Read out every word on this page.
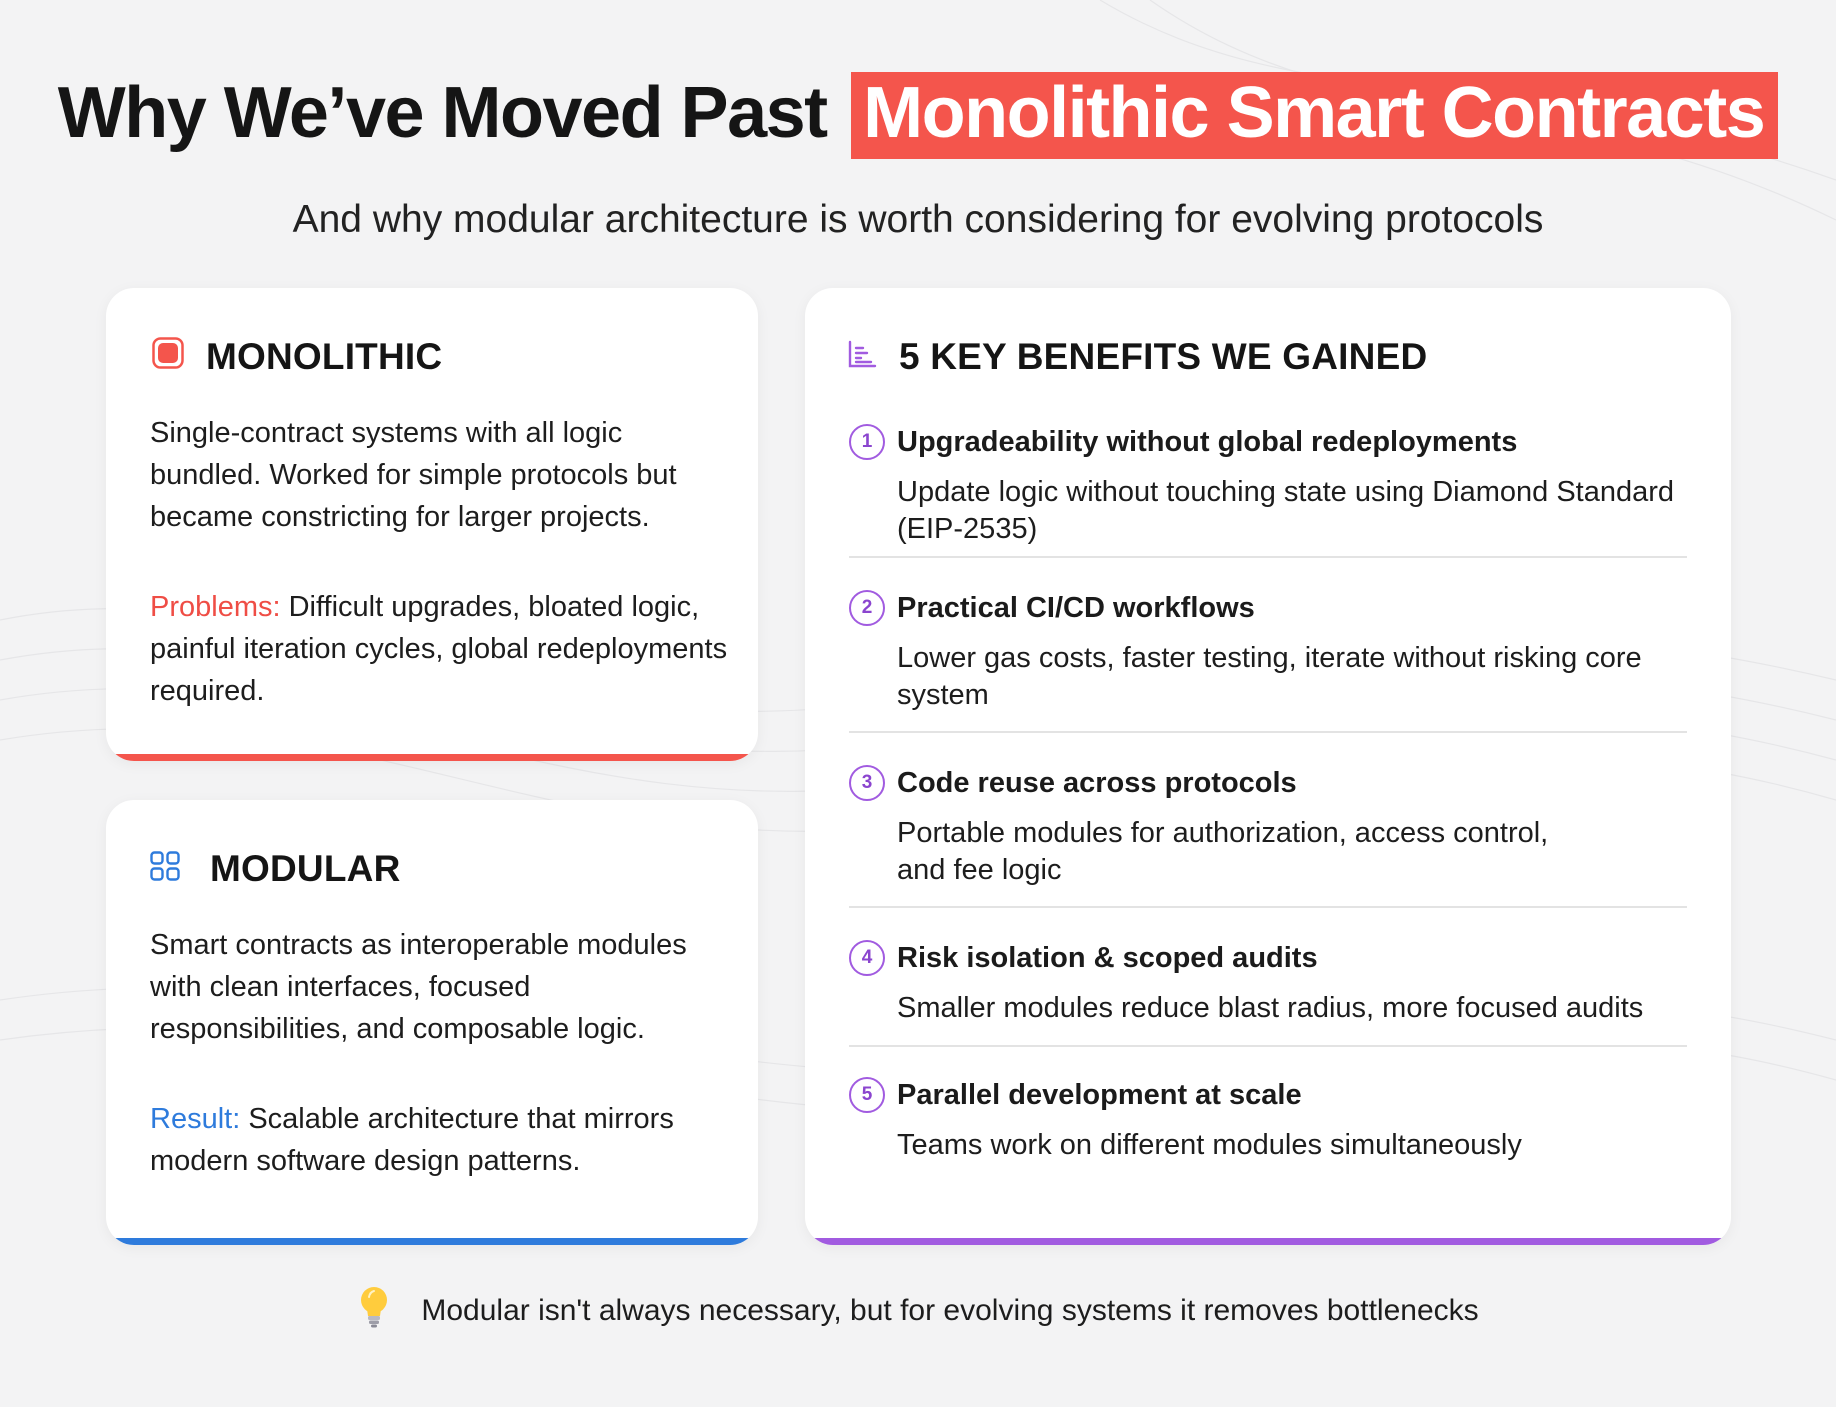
Why We’ve Moved Past Monolithic Smart Contracts
And why modular architecture is worth considering for evolving protocols
MONOLITHIC
Single-contract systems with all logic bundled. Worked for simple protocols but became constricting for larger projects.
Problems: Difficult upgrades, bloated logic, painful iteration cycles, global redeployments required.
MODULAR
Smart contracts as interoperable modules with clean interfaces, focused responsibilities, and composable logic.
Result: Scalable architecture that mirrors modern software design patterns.
5 KEY BENEFITS WE GAINED
1 Upgradeability without global redeployments
Update logic without touching state using Diamond Standard (EIP-2535)
2 Practical CI/CD workflows
Lower gas costs, faster testing, iterate without risking core system
3 Code reuse across protocols
Portable modules for authorization, access control, and fee logic
4 Risk isolation & scoped audits
Smaller modules reduce blast radius, more focused audits
5 Parallel development at scale
Teams work on different modules simultaneously
Modular isn't always necessary, but for evolving systems it removes bottlenecks
